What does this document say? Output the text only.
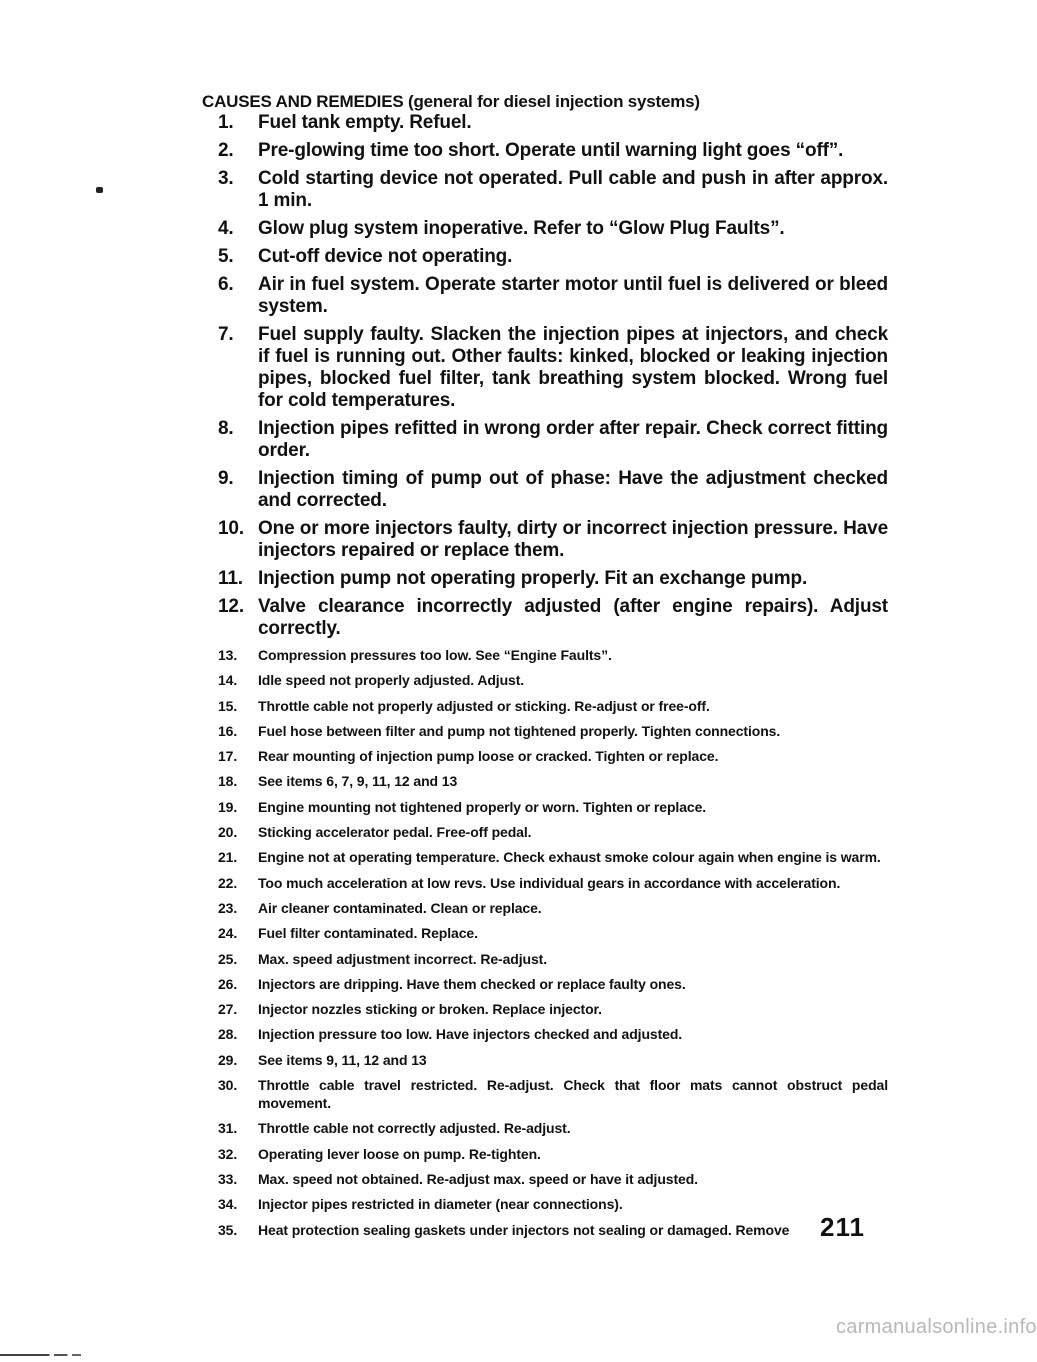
CAUSES AND REMEDIES (general for diesel injection systems)
1.	Fuel tank empty. Refuel.
2.	Pre-glowing time too short. Operate until warning light goes “off”.
3.	Cold starting device not operated. Pull cable and push in after approx. 1 min.
4.	Glow plug system inoperative. Refer to “Glow Plug Faults”.
5.	Cut-off device not operating.
6.	Air in fuel system. Operate starter motor until fuel is delivered or bleed system.
7.	Fuel supply faulty. Slacken the injection pipes at injectors, and check if fuel is running out. Other faults: kinked, blocked or leaking injection pipes, blocked fuel filter, tank breathing system blocked. Wrong fuel for cold temperatures.
8.	Injection pipes refitted in wrong order after repair. Check correct fitting order.
9.	Injection timing of pump out of phase: Have the adjustment checked and corrected.
10. One or more injectors faulty, dirty or incorrect injection pressure. Have injectors repaired or replace them.
11. Injection pump not operating properly. Fit an exchange pump.
12. Valve clearance incorrectly adjusted (after engine repairs). Adjust correctly.
13.	Compression pressures too low. See “Engine Faults”.
14.	Idle speed not properly adjusted. Adjust.
15.	Throttle cable not properly adjusted or sticking. Re-adjust or free-off.
16.	Fuel hose between filter and pump not tightened properly. Tighten connections.
17.	Rear mounting of injection pump loose or cracked. Tighten or replace.
18.	See items 6, 7, 9, 11, 12 and 13
19.	Engine mounting not tightened properly or worn. Tighten or replace.
20.	Sticking accelerator pedal. Free-off pedal.
21.	Engine not at operating temperature. Check exhaust smoke colour again when engine is warm.
22.	Too much acceleration at low revs. Use individual gears in accordance with acceleration.
23.	Air cleaner contaminated. Clean or replace.
24.	Fuel filter contaminated. Replace.
25.	Max. speed adjustment incorrect. Re-adjust.
26.	Injectors are dripping. Have them checked or replace faulty ones.
27.	Injector nozzles sticking or broken. Replace injector.
28.	Injection pressure too low. Have injectors checked and adjusted.
29.	See items 9, 11, 12 and 13
30.	Throttle cable travel restricted. Re-adjust. Check that floor mats cannot obstruct pedal movement.
31.	Throttle cable not correctly adjusted. Re-adjust.
32.	Operating lever loose on pump. Re-tighten.
33.	Max. speed not obtained. Re-adjust max. speed or have it adjusted.
34.	Injector pipes restricted in diameter (near connections).
35.	Heat protection sealing gaskets under injectors not sealing or damaged. Remove	211
carmanualsonline.info
